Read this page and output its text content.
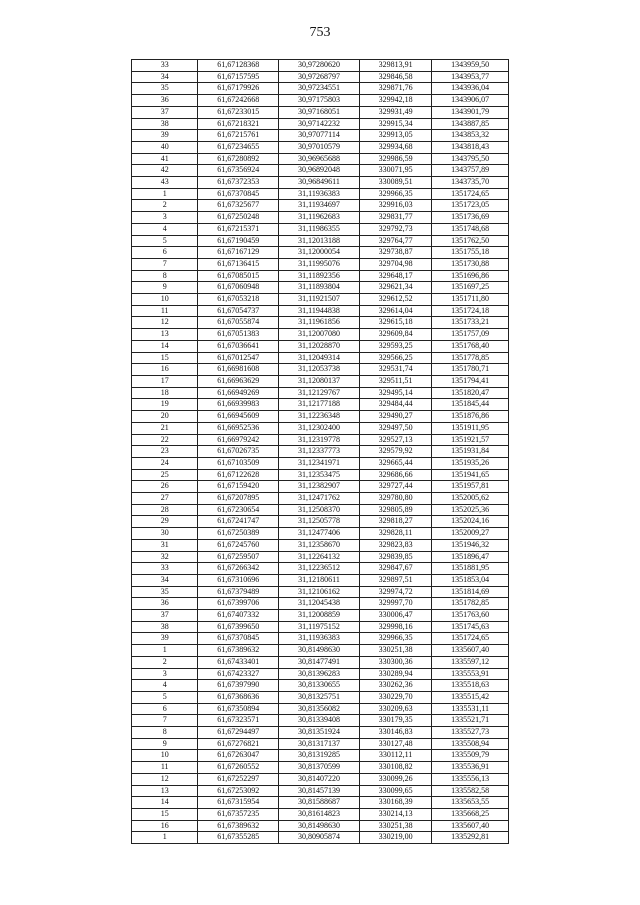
753
33	61,67128368	30,97280620	329813,91	1343959,50
34	61,67157595	30,97268797	329846,58	1343953,77
35	61,67179926	30,97234551	329871,76	1343936,04
36	61,67242668	30,97175803	329942,18	1343906,07
37	61,67233015	30,97168051	329931,49	1343901,79
38	61,67218321	30,97142232	329915,34	1343887,85
39	61,67215761	30,97077114	329913,05	1343853,32
40	61,67234655	30,97010579	329934,68	1343818,43
41	61,67280892	30,96965688	329986,59	1343795,50
42	61,67356924	30,96892048	330071,95	1343757,89
43	61,67372353	30,96849611	330089,51	1343735,70
1	61,67370845	31,11936383	329966,35	1351724,65
2	61,67325677	31,11934697	329916,03	1351723,05
3	61,67250248	31,11962683	329831,77	1351736,69
4	61,67215371	31,11986355	329792,73	1351748,68
5	61,67190459	31,12013188	329764,77	1351762,50
6	61,67167129	31,12000054	329738,87	1351755,18
7	61,67136415	31,11995076	329704,98	1351730,88
8	61,67085015	31,11892356	329648,17	1351696,86
9	61,67060948	31,11893804	329621,34	1351697,25
10	61,67053218	31,11921507	329612,52	1351711,80
11	61,67054737	31,11944838	329614,04	1351724,18
12	61,67055874	31,11961856	329615,18	1351733,21
13	61,67051383	31,12007080	329609,84	1351757,09
14	61,67036641	31,12028870	329593,25	1351768,40
15	61,67012547	31,12049314	329566,25	1351778,85
16	61,66981608	31,12053738	329531,74	1351780,71
17	61,66963629	31,12080137	329511,51	1351794,41
18	61,66949269	31,12129767	329495,14	1351820,47
19	61,66939983	31,12177188	329484,44	1351845,44
20	61,66945609	31,12236348	329490,27	1351876,86
21	61,66952536	31,12302400	329497,50	1351911,95
22	61,66979242	31,12319778	329527,13	1351921,57
23	61,67026735	31,12337773	329579,92	1351931,84
24	61,67103509	31,12341971	329665,44	1351935,26
25	61,67122628	31,12353475	329686,66	1351941,65
26	61,67159420	31,12382907	329727,44	1351957,81
27	61,67207895	31,12471762	329780,80	1352005,62
28	61,67230654	31,12508370	329805,89	1352025,36
29	61,67241747	31,12505778	329818,27	1352024,16
30	61,67250389	31,12477406	329828,11	1352009,27
31	61,67245760	31,12358670	329823,83	1351946,32
32	61,67259507	31,12264132	329839,85	1351896,47
33	61,67266342	31,12236512	329847,67	1351881,95
34	61,67310696	31,12180611	329897,51	1351853,04
35	61,67379489	31,12106162	329974,72	1351814,69
36	61,67399706	31,12045438	329997,70	1351782,85
37	61,67407332	31,12008859	330006,47	1351763,60
38	61,67399650	31,11975152	329998,16	1351745,63
39	61,67370845	31,11936383	329966,35	1351724,65
1	61,67389632	30,81498630	330251,38	1335607,40
2	61,67433401	30,81477491	330300,36	1335597,12
3	61,67423327	30,81396283	330289,94	1335553,91
4	61,67397990	30,81330655	330262,36	1335518,63
5	61,67368636	30,81325751	330229,70	1335515,42
6	61,67350894	30,81356082	330209,63	1335531,11
7	61,67323571	30,81339408	330179,35	1335521,71
8	61,67294497	30,81351924	330146,83	1335527,73
9	61,67276821	30,81317137	330127,48	1335508,94
10	61,67263047	30,81319285	330112,11	1335509,79
11	61,67260552	30,81370599	330108,82	1335536,91
12	61,67252297	30,81407220	330099,26	1335556,13
13	61,67253092	30,81457139	330099,65	1335582,58
14	61,67315954	30,81588687	330168,39	1335653,55
15	61,67357235	30,81614823	330214,13	1335668,25
16	61,67389632	30,81498630	330251,38	1335607,40
1	61,67355285	30,80905874	330219,00	1335292,81
